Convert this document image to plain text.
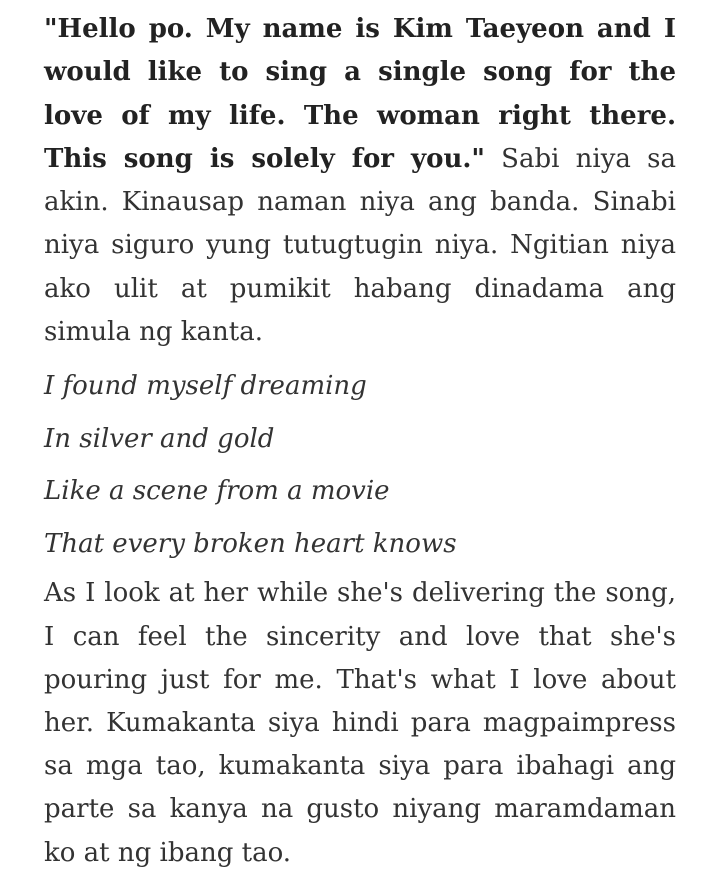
"Hello po. My name is Kim Taeyeon and I would like to sing a single song for the love of my life. The woman right there. This song is solely for you." Sabi niya sa akin. Kinausap naman niya ang banda. Sinabi niya siguro yung tutugtugin niya. Ngitian niya ako ulit at pumikit habang dinadama ang simula ng kanta.

I found myself dreaming

In silver and gold

Like a scene from a movie

That every broken heart knows

As I look at her while she's delivering the song, I can feel the sincerity and love that she's pouring just for me. That's what I love about her. Kumakanta siya hindi para magpaimpress sa mga tao, kumakanta siya para ibahagi ang parte sa kanya na gusto niyang maramdaman ko at ng ibang tao.
